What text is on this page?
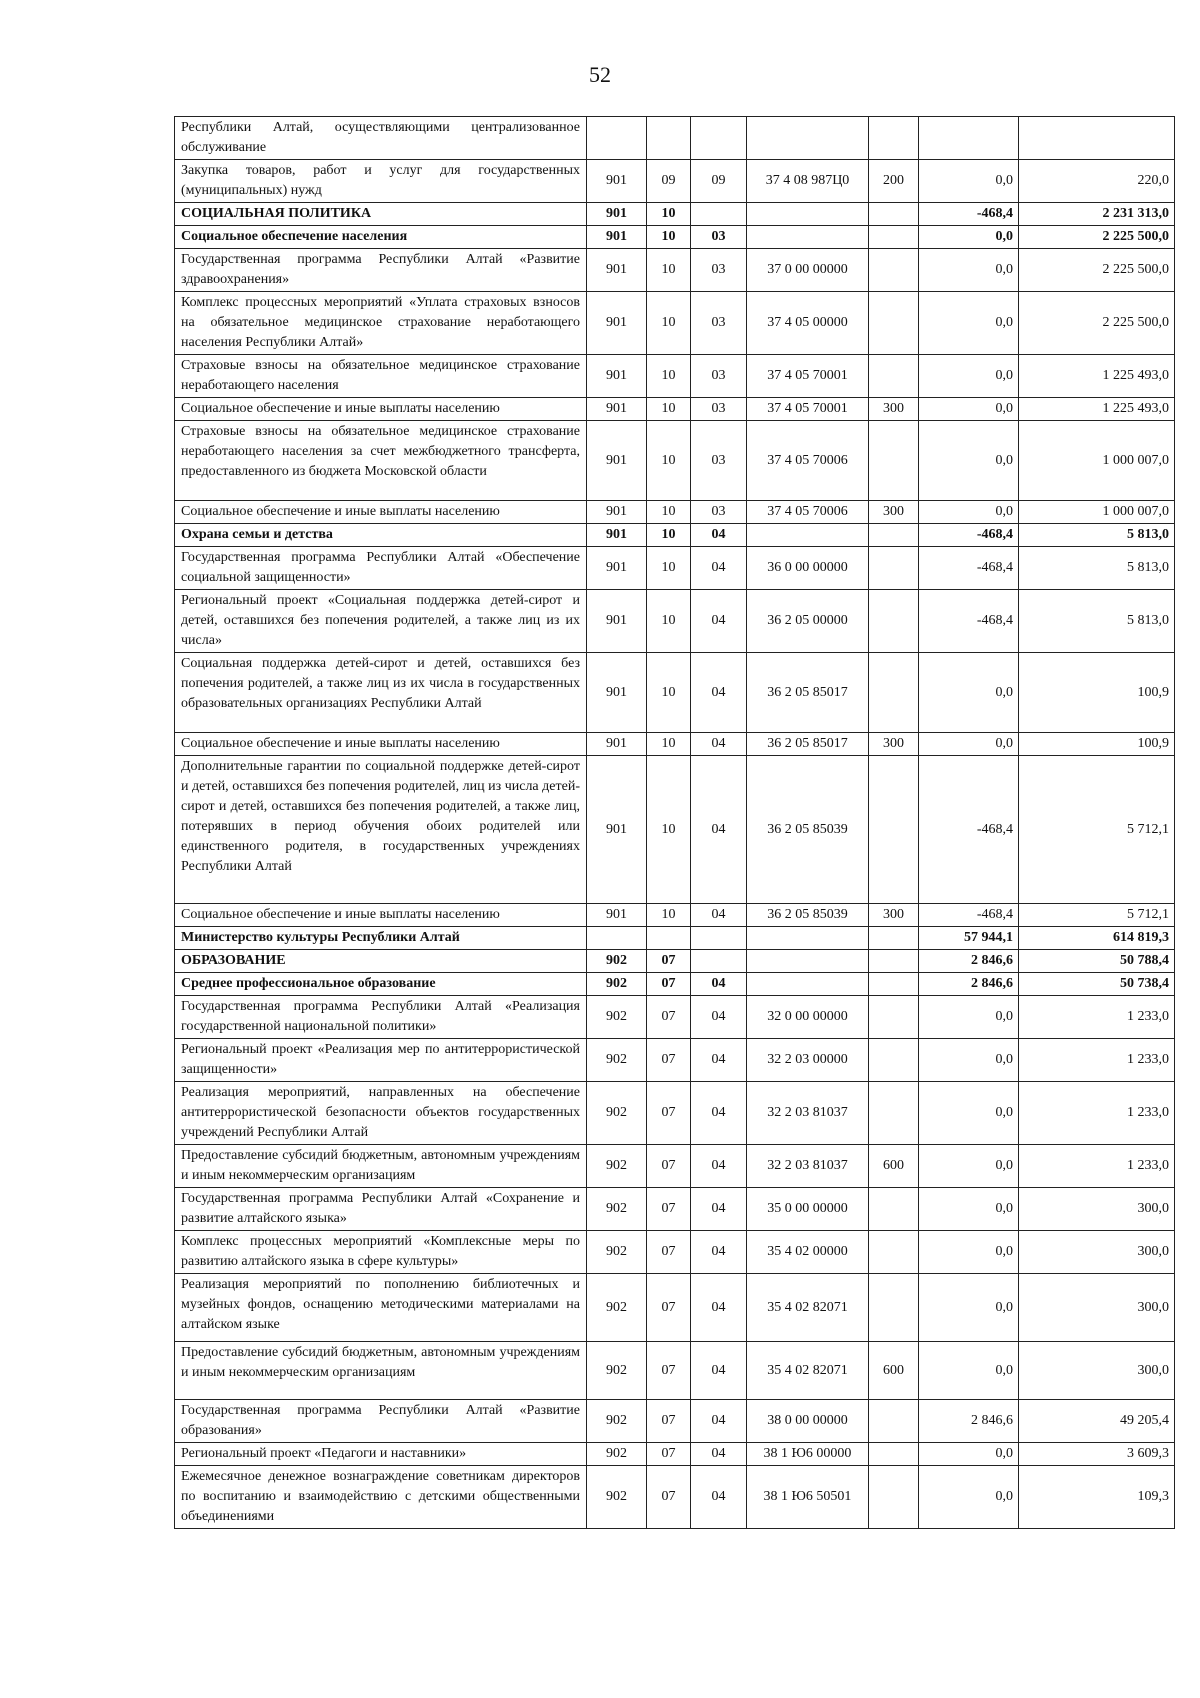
52
Республики Алтай, осуществляющими централизованное обслуживание							
Закупка товаров, работ и услуг для государственных (муниципальных) нужд	901	09	09	37 4 08 987Ц0	200	0,0	220,0
СОЦИАЛЬНАЯ ПОЛИТИКА	901	10				-468,4	2 231 313,0
Социальное обеспечение населения	901	10	03			0,0	2 225 500,0
Государственная программа Республики Алтай «Развитие здравоохранения»	901	10	03	37 0 00 00000		0,0	2 225 500,0
Комплекс процессных мероприятий «Уплата страховых взносов на обязательное медицинское страхование неработающего населения Республики Алтай»	901	10	03	37 4 05 00000		0,0	2 225 500,0
Страховые взносы на обязательное медицинское страхование неработающего населения	901	10	03	37 4 05 70001		0,0	1 225 493,0
Социальное обеспечение и иные выплаты населению	901	10	03	37 4 05 70001	300	0,0	1 225 493,0
Страховые взносы на обязательное медицинское страхование неработающего населения за счет межбюджетного трансферта, предоставленного из бюджета Московской области	901	10	03	37 4 05 70006		0,0	1 000 007,0
Социальное обеспечение и иные выплаты населению	901	10	03	37 4 05 70006	300	0,0	1 000 007,0
Охрана семьи и детства	901	10	04			-468,4	5 813,0
Государственная программа Республики Алтай «Обеспечение социальной защищенности»	901	10	04	36 0 00 00000		-468,4	5 813,0
Региональный проект «Социальная поддержка детей-сирот и детей, оставшихся без попечения родителей, а также лиц из их числа»	901	10	04	36 2 05 00000		-468,4	5 813,0
Социальная поддержка детей-сирот и детей, оставшихся без попечения родителей, а также лиц из их числа в государственных образовательных организациях Республики Алтай	901	10	04	36 2 05 85017		0,0	100,9
Социальное обеспечение и иные выплаты населению	901	10	04	36 2 05 85017	300	0,0	100,9
Дополнительные гарантии по социальной поддержке детей-сирот и детей, оставшихся без попечения родителей, лиц из числа детей-сирот и детей, оставшихся без попечения родителей, а также лиц, потерявших в период обучения обоих родителей или единственного родителя, в государственных учреждениях Республики Алтай	901	10	04	36 2 05 85039		-468,4	5 712,1
Социальное обеспечение и иные выплаты населению	901	10	04	36 2 05 85039	300	-468,4	5 712,1
Министерство культуры Республики Алтай						57 944,1	614 819,3
ОБРАЗОВАНИЕ	902	07				2 846,6	50 788,4
Среднее профессиональное образование	902	07	04			2 846,6	50 738,4
Государственная программа Республики Алтай «Реализация государственной национальной политики»	902	07	04	32 0 00 00000		0,0	1 233,0
Региональный проект «Реализация мер по антитеррористической защищенности»	902	07	04	32 2 03 00000		0,0	1 233,0
Реализация мероприятий, направленных на обеспечение антитеррористической безопасности объектов государственных учреждений Республики Алтай	902	07	04	32 2 03 81037		0,0	1 233,0
Предоставление субсидий бюджетным, автономным учреждениям и иным некоммерческим организациям	902	07	04	32 2 03 81037	600	0,0	1 233,0
Государственная программа Республики Алтай «Сохранение и развитие алтайского языка»	902	07	04	35 0 00 00000		0,0	300,0
Комплекс процессных мероприятий «Комплексные меры по развитию алтайского языка в сфере культуры»	902	07	04	35 4 02 00000		0,0	300,0
Реализация мероприятий по пополнению библиотечных и музейных фондов, оснащению методическими материалами на алтайском языке	902	07	04	35 4 02 82071		0,0	300,0
Предоставление субсидий бюджетным, автономным учреждениям и иным некоммерческим организациям	902	07	04	35 4 02 82071	600	0,0	300,0
Государственная программа Республики Алтай «Развитие образования»	902	07	04	38 0 00 00000		2 846,6	49 205,4
Региональный проект «Педагоги и наставники»	902	07	04	38 1 Ю6 00000		0,0	3 609,3
Ежемесячное денежное вознаграждение советникам директоров по воспитанию и взаимодействию с детскими общественными объединениями	902	07	04	38 1 Ю6 50501		0,0	109,3
